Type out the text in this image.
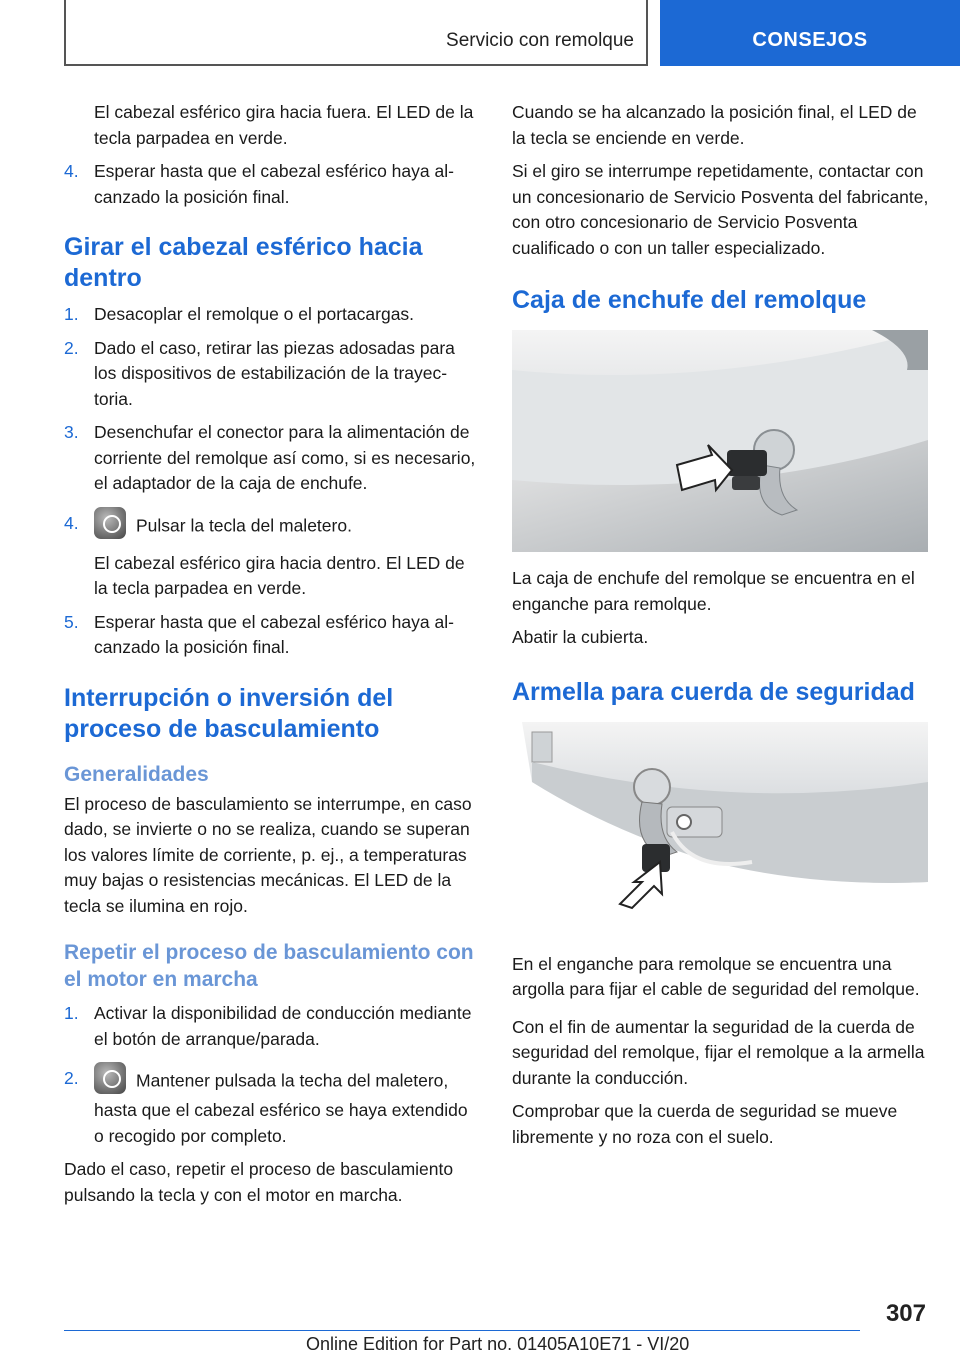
Servicio con remolque	CONSEJOS

El cabezal esférico gira hacia fuera. El LED de la tecla parpadea en verde.

4. Esperar hasta que el cabezal esférico haya alcanzado la posición final.
Girar el cabezal esférico hacia dentro
1. Desacoplar el remolque o el portacargas.
2. Dado el caso, retirar las piezas adosadas para los dispositivos de estabilización de la trayectoria.
3. Desenchufar el conector para la alimentación de corriente del remolque así como, si es necesario, el adaptador de la caja de enchufe.
4.	Pulsar la tecla del maletero.

El cabezal esférico gira hacia dentro. El LED de la tecla parpadea en verde.

5. Esperar hasta que el cabezal esférico haya alcanzado la posición final.
Interrupción o inversión del proceso de basculamiento
Generalidades

El proceso de basculamiento se interrumpe, en caso dado, se invierte o no se realiza, cuando se superan los valores límite de corriente, p. ej., a temperaturas muy bajas o resistencias mecánicas. El LED de la tecla se ilumina en rojo.

Repetir el proceso de basculamiento con el motor en marcha
1. Activar la disponibilidad de conducción mediante el botón de arranque/parada.
2.	Mantener pulsada la techa del maletero, hasta que el cabezal esférico se haya extendido o recogido por completo.

Dado el caso, repetir el proceso de basculamiento pulsando la tecla y con el motor en marcha.

Cuando se ha alcanzado la posición final, el LED de la tecla se enciende en verde.

Si el giro se interrumpe repetidamente, contactar con un concesionario de Servicio Posventa del fabricante, con otro concesionario de Servicio Posventa cualificado o con un taller especializado.

Caja de enchufe del remolque

La caja de enchufe del remolque se encuentra en el enganche para remolque.

Abatir la cubierta.

Armella para cuerda de seguridad

En el enganche para remolque se encuentra una argolla para fijar el cable de seguridad del remolque.

Con el fin de aumentar la seguridad de la cuerda de seguridad del remolque, fijar el remolque a la armella durante la conducción.

Comprobar que la cuerda de seguridad se mueve libremente y no roza con el suelo.

307
Online Edition for Part no. 01405A10E71 - VI/20
